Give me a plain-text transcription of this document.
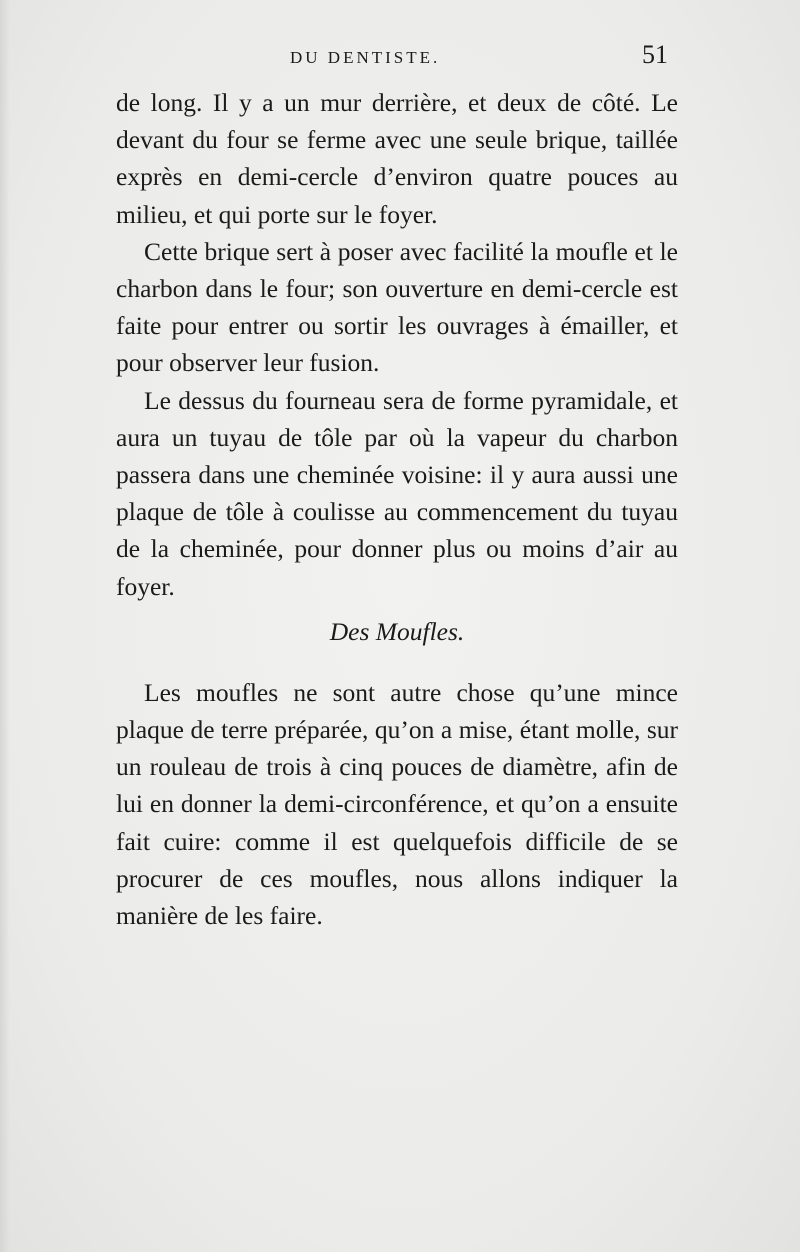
DU DENTISTE.	51

de long. Il y a un mur derrière, et deux de côté. Le devant du four se ferme avec une seule brique, taillée exprès en demi-cercle d’environ quatre pouces au milieu, et qui porte sur le foyer.

Cette brique sert à poser avec facilité la moufle et le charbon dans le four; son ouverture en demi-cercle est faite pour entrer ou sortir les ouvrages à émailler, et pour observer leur fusion.

Le dessus du fourneau sera de forme pyramidale, et aura un tuyau de tôle par où la vapeur du charbon passera dans une cheminée voisine: il y aura aussi une plaque de tôle à coulisse au commencement du tuyau de la cheminée, pour donner plus ou moins d’air au foyer.

Des Moufles.

Les moufles ne sont autre chose qu’une mince plaque de terre préparée, qu’on a mise, étant molle, sur un rouleau de trois à cinq pouces de diamètre, afin de lui en donner la demi-circonférence, et qu’on a ensuite fait cuire: comme il est quelquefois difficile de se procurer de ces moufles, nous allons indiquer la manière de les faire.
